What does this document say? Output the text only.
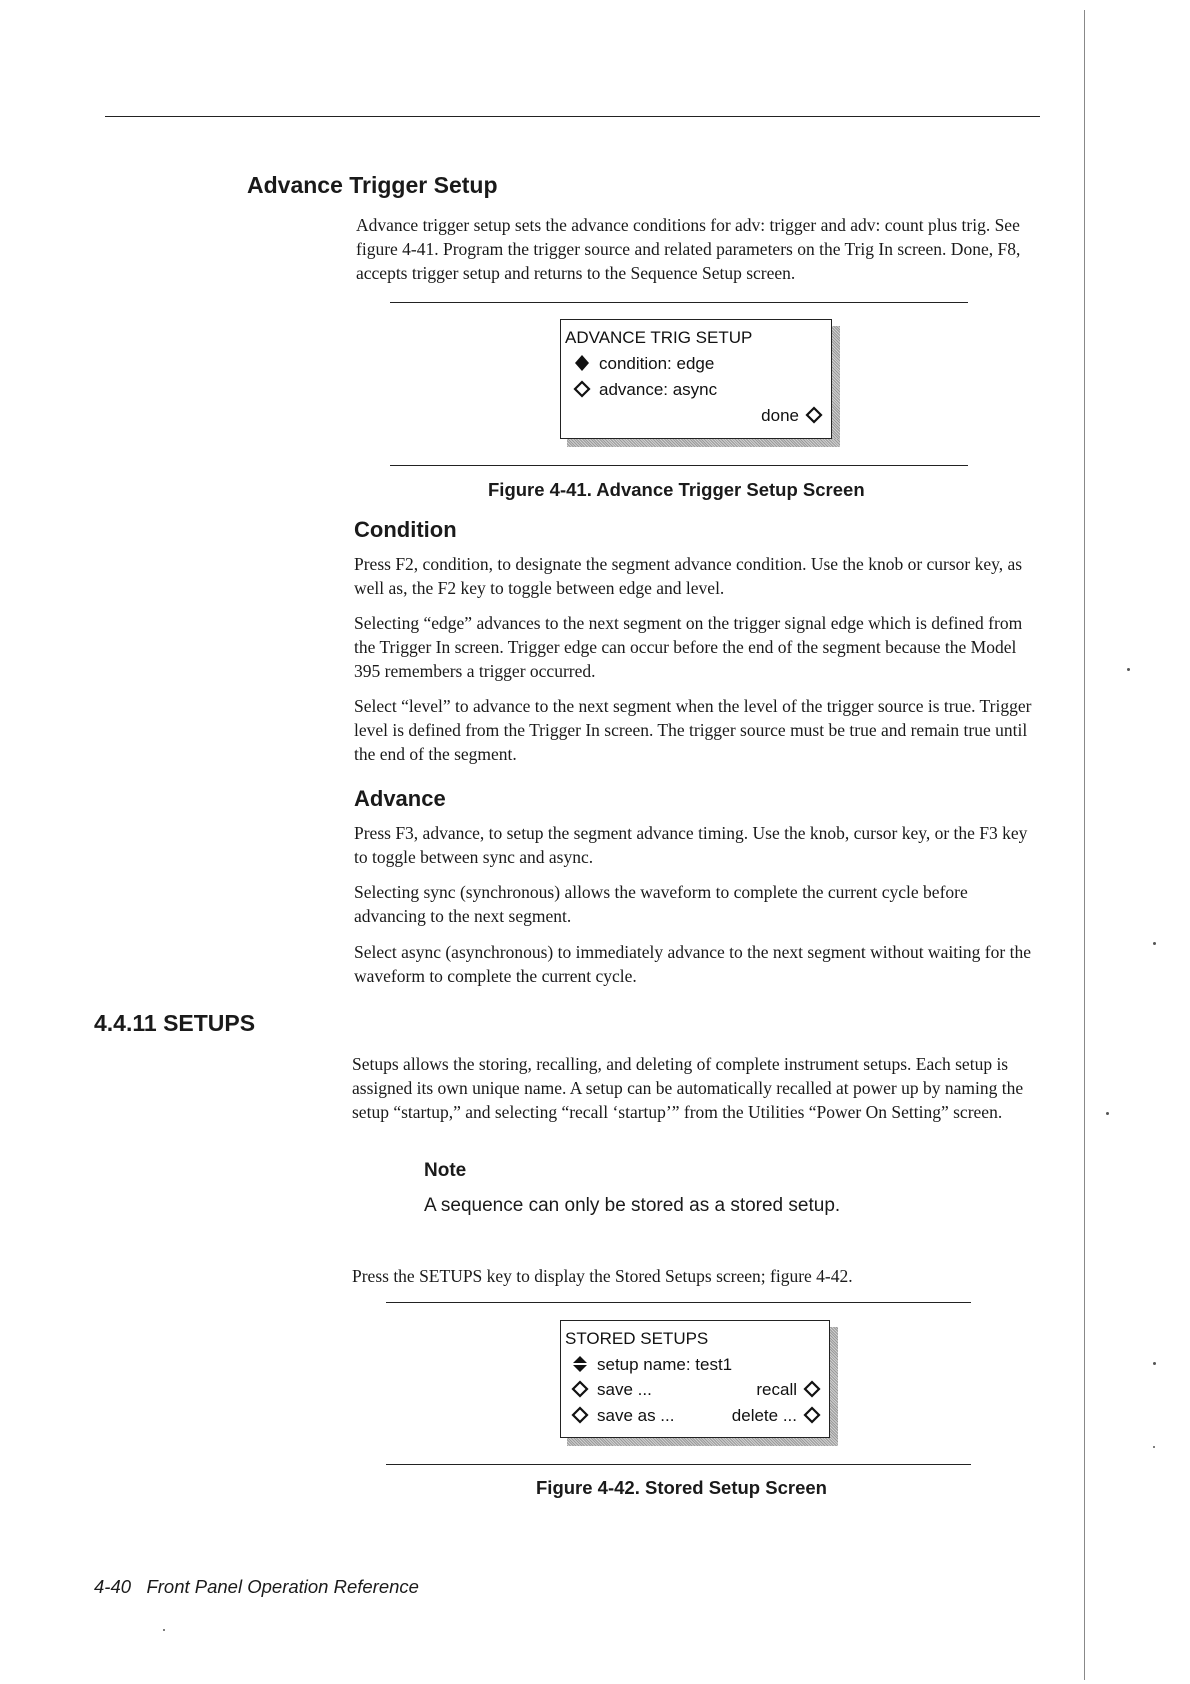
Advance Trigger Setup

Advance trigger setup sets the advance conditions for adv: trigger and adv: count plus trig. See figure 4-41. Program the trigger source and related parameters on the Trig In screen. Done, F8, accepts trigger setup and returns to the Sequence Setup screen.

ADVANCE TRIG SETUP
condition: edge
advance: async
done
Figure 4-41. Advance Trigger Setup Screen
Condition

Press F2, condition, to designate the segment advance condition. Use the knob or cursor key, as well as, the F2 key to toggle between edge and level.

Selecting “edge” advances to the next segment on the trigger signal edge which is defined from the Trigger In screen. Trigger edge can occur before the end of the segment because the Model 395 remembers a trigger occurred.

Select “level” to advance to the next segment when the level of the trigger source is true. Trigger level is defined from the Trigger In screen. The trigger source must be true and remain true until the end of the segment.

Advance

Press F3, advance, to setup the segment advance timing. Use the knob, cursor key, or the F3 key to toggle between sync and async.

Selecting sync (synchronous) allows the waveform to complete the current cycle before advancing to the next segment.

Select async (asynchronous) to immediately advance to the next segment without waiting for the waveform to complete the current cycle.

4.4.11 SETUPS

Setups allows the storing, recalling, and deleting of complete instrument setups. Each setup is assigned its own unique name. A setup can be automatically recalled at power up by naming the setup “startup,” and selecting “recall ‘startup’” from the Utilities “Power On Setting” screen.

Note
A sequence can only be stored as a stored setup.

Press the SETUPS key to display the Stored Setups screen; figure 4-42.

STORED SETUPS
setup name: test1
save ...	recall
save as ...	delete ...
Figure 4-42. Stored Setup Screen
4-40   Front Panel Operation Reference
